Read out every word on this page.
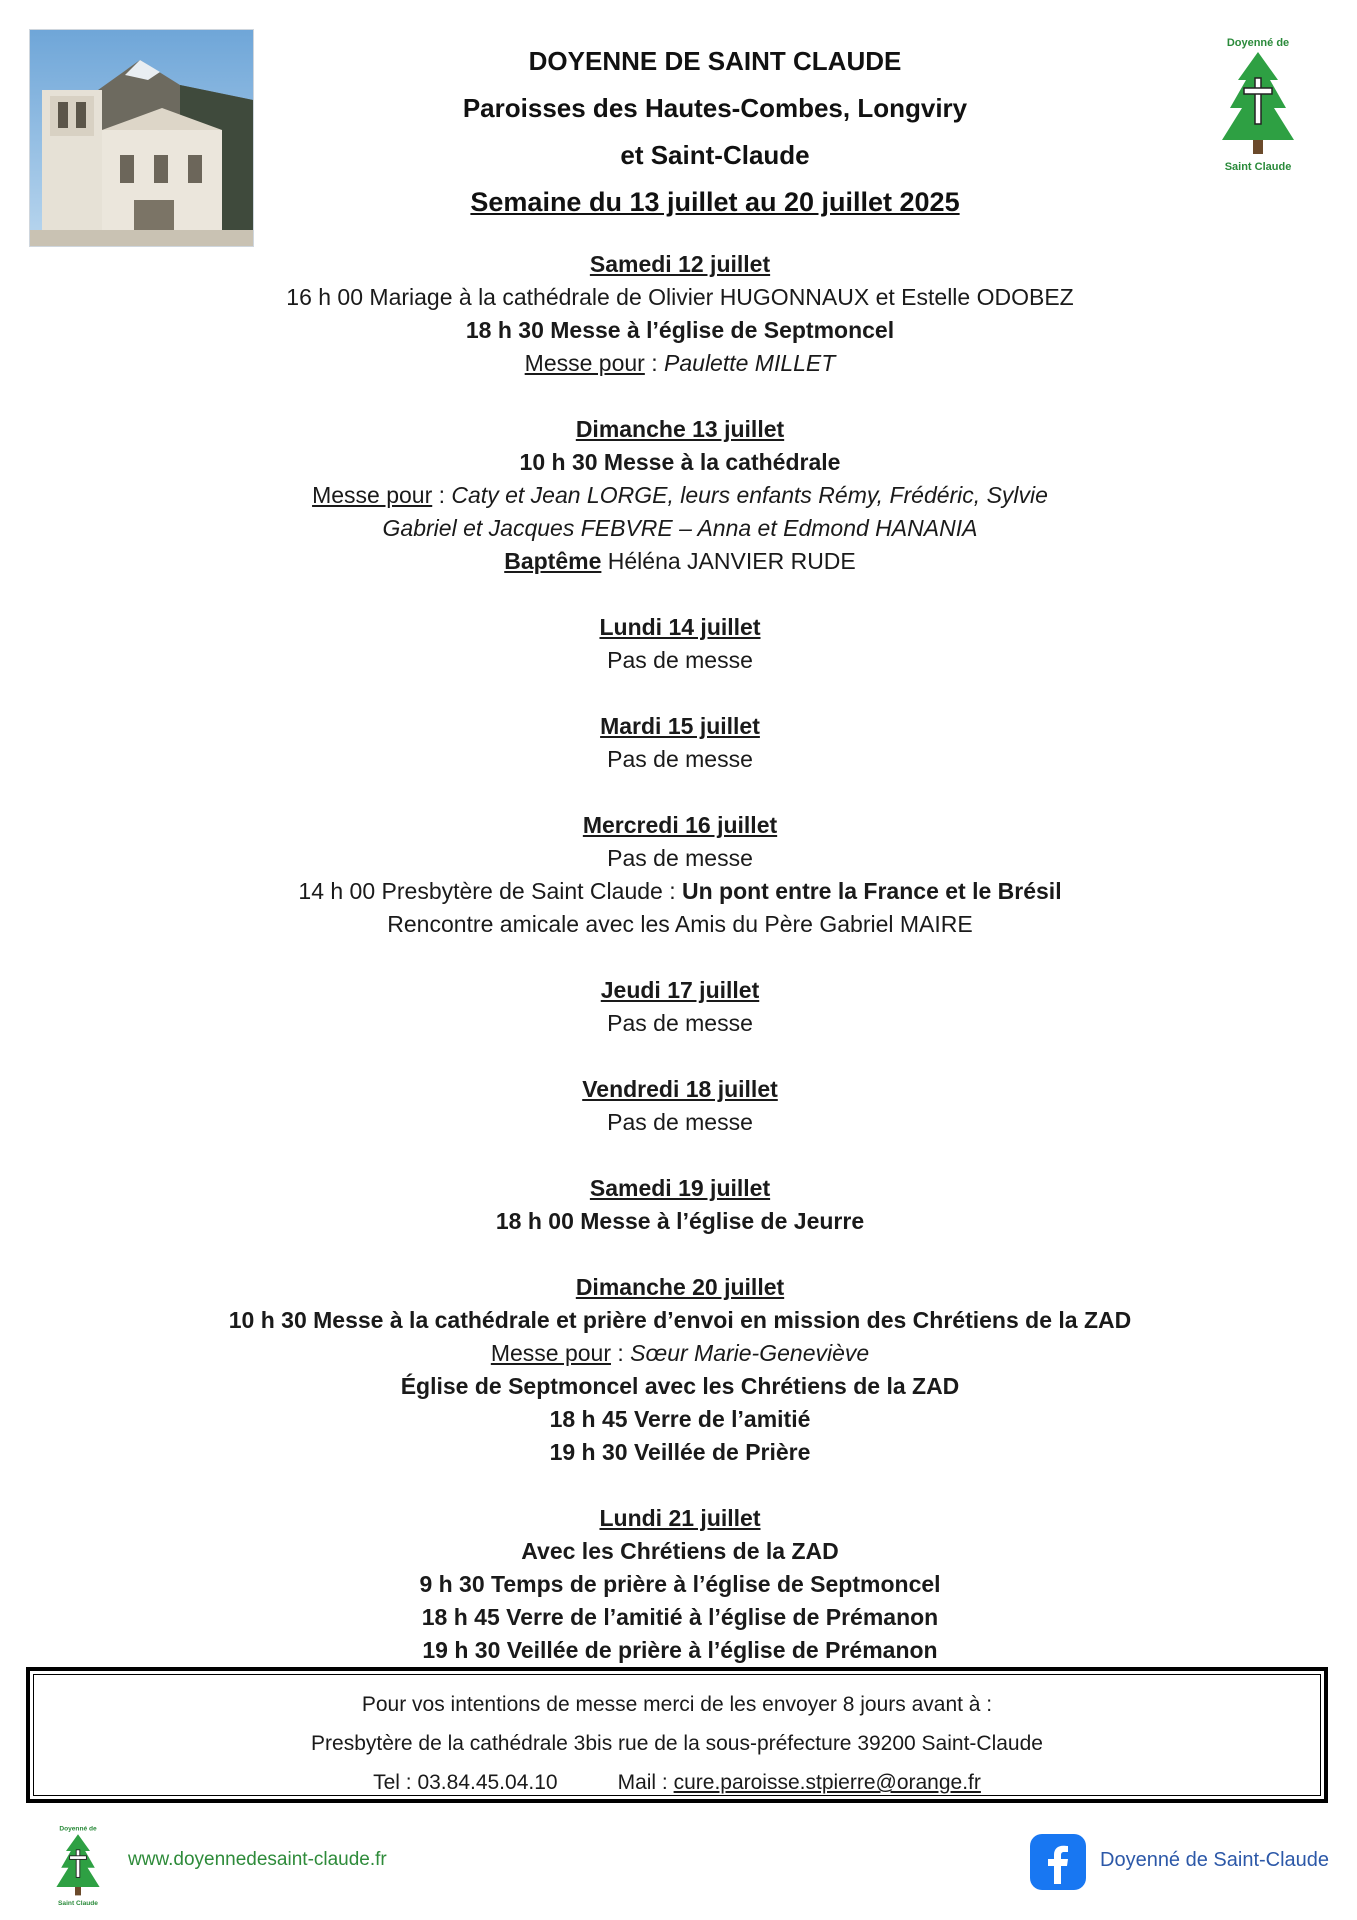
Doyenné de
Saint Claude
DOYENNE DE SAINT CLAUDE
Paroisses des Hautes-Combes, Longviry
et Saint-Claude
Semaine du 13 juillet au 20 juillet 2025
Samedi 12 juillet
16 h 00 Mariage à la cathédrale de Olivier HUGONNAUX et Estelle ODOBEZ
18 h 30 Messe à l’église de Septmoncel
Messe pour : Paulette MILLET
Dimanche 13 juillet
10 h 30 Messe à la cathédrale
Messe pour : Caty et Jean LORGE, leurs enfants Rémy, Frédéric, Sylvie
Gabriel et Jacques FEBVRE – Anna et Edmond HANANIA
Baptême Héléna JANVIER RUDE
Lundi 14 juillet
Pas de messe
Mardi 15 juillet
Pas de messe
Mercredi 16 juillet
Pas de messe
14 h 00 Presbytère de Saint Claude : Un pont entre la France et le Brésil
Rencontre amicale avec les Amis du Père Gabriel MAIRE
Jeudi 17 juillet
Pas de messe
Vendredi 18 juillet
Pas de messe
Samedi 19 juillet
18 h 00 Messe à l’église de Jeurre
Dimanche 20 juillet
10 h 30 Messe à la cathédrale et prière d’envoi en mission des Chrétiens de la ZAD
Messe pour : Sœur Marie-Geneviève
Église de Septmoncel avec les Chrétiens de la ZAD
18 h 45 Verre de l’amitié
19 h 30 Veillée de Prière
Lundi 21 juillet
Avec les Chrétiens de la ZAD
9 h 30 Temps de prière à l’église de Septmoncel
18 h 45 Verre de l’amitié à l’église de Prémanon
19 h 30 Veillée de prière à l’église de Prémanon
Pour vos intentions de messe merci de les envoyer 8 jours avant à :
Presbytère de la cathédrale 3bis rue de la sous-préfecture 39200 Saint-Claude
Tel : 03.84.45.04.10	Mail : cure.paroisse.stpierre@orange.fr
Doyenné de
Saint Claude
www.doyennedesaint-claude.fr	Doyenné de Saint-Claude
